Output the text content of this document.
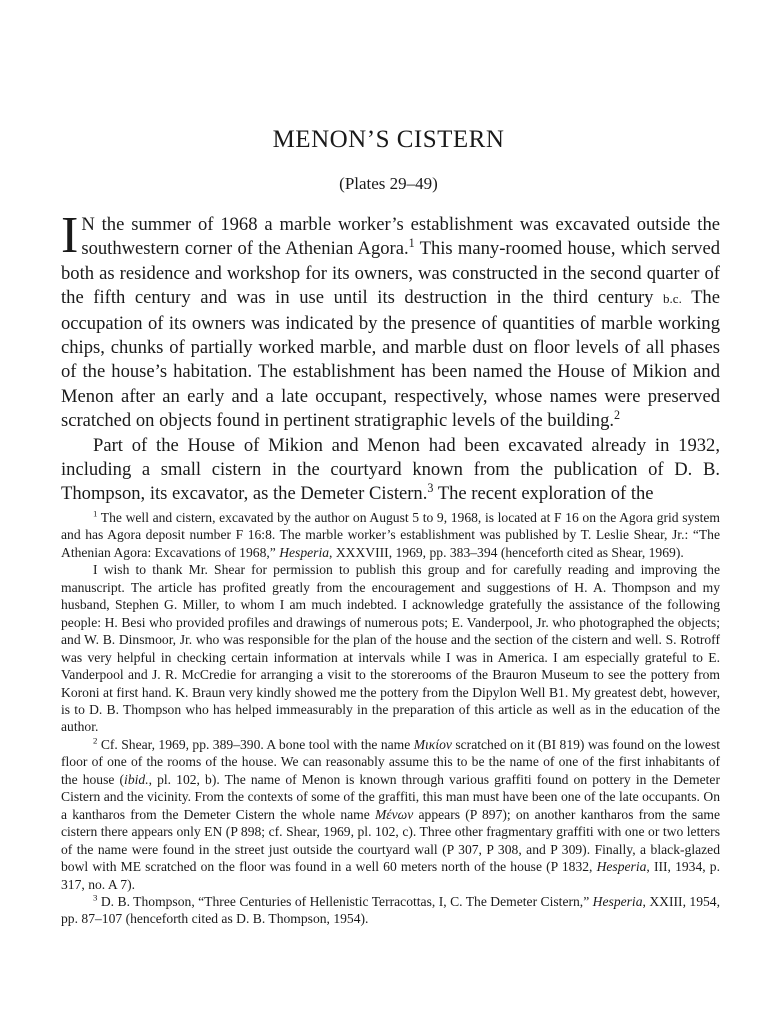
MENON’S CISTERN
(Plates 29–49)

I N the summer of 1968 a marble worker’s establishment was excavated outside the southwestern corner of the Athenian Agora.$^1$ This many-roomed house, which served both as residence and workshop for its owners, was constructed in the second quarter of the fifth century and was in use until its destruction in the third century b.c. The occupation of its owners was indicated by the presence of quantities of marble working chips, chunks of partially worked marble, and marble dust on floor levels of all phases of the house’s habitation. The establishment has been named the House of Mikion and Menon after an early and a late occupant, respectively, whose names were preserved scratched on objects found in pertinent stratigraphic levels of the building.$^2$

Part of the House of Mikion and Menon had been excavated already in 1932, including a small cistern in the courtyard known from the publication of D. B. Thompson, its excavator, as the Demeter Cistern.$^3$ The recent exploration of the

$^1$ The well and cistern, excavated by the author on August 5 to 9, 1968, is located at F 16 on the Agora grid system and has Agora deposit number F 16:8. The marble worker’s establishment was published by T. Leslie Shear, Jr.: “The Athenian Agora: Excavations of 1968,” Hesperia, XXXVIII, 1969, pp. 383–394 (henceforth cited as Shear, 1969).

I wish to thank Mr. Shear for permission to publish this group and for carefully reading and improving the manuscript. The article has profited greatly from the encouragement and suggestions of H. A. Thompson and my husband, Stephen G. Miller, to whom I am much indebted. I acknowledge gratefully the assistance of the following people: H. Besi who provided profiles and drawings of numerous pots; E. Vanderpool, Jr. who photographed the objects; and W. B. Dinsmoor, Jr. who was responsible for the plan of the house and the section of the cistern and well. S. Rotroff was very helpful in checking certain information at intervals while I was in America. I am especially grateful to E. Vanderpool and J. R. McCredie for arranging a visit to the storerooms of the Brauron Museum to see the pottery from Koroni at first hand. K. Braun very kindly showed me the pottery from the Dipylon Well B1. My greatest debt, however, is to D. B. Thompson who has helped immeasurably in the preparation of this article as well as in the education of the author.

$^2$ Cf. Shear, 1969, pp. 389–390. A bone tool with the name Μικίον scratched on it (BI 819) was found on the lowest floor of one of the rooms of the house. We can reasonably assume this to be the name of one of the first inhabitants of the house (ibid., pl. 102, b). The name of Menon is known through various graffiti found on pottery in the Demeter Cistern and the vicinity. From the contexts of some of the graffiti, this man must have been one of the late occupants. On a kantharos from the Demeter Cistern the whole name Μένων appears (P 897); on another kantharos from the same cistern there appears only EN (P 898; cf. Shear, 1969, pl. 102, c). Three other fragmentary graffiti with one or two letters of the name were found in the street just outside the courtyard wall (P 307, P 308, and P 309). Finally, a black-glazed bowl with ME scratched on the floor was found in a well 60 meters north of the house (P 1832, Hesperia, III, 1934, p. 317, no. A 7).

$^3$ D. B. Thompson, “Three Centuries of Hellenistic Terracottas, I, C. The Demeter Cistern,” Hesperia, XXIII, 1954, pp. 87–107 (henceforth cited as D. B. Thompson, 1954).
